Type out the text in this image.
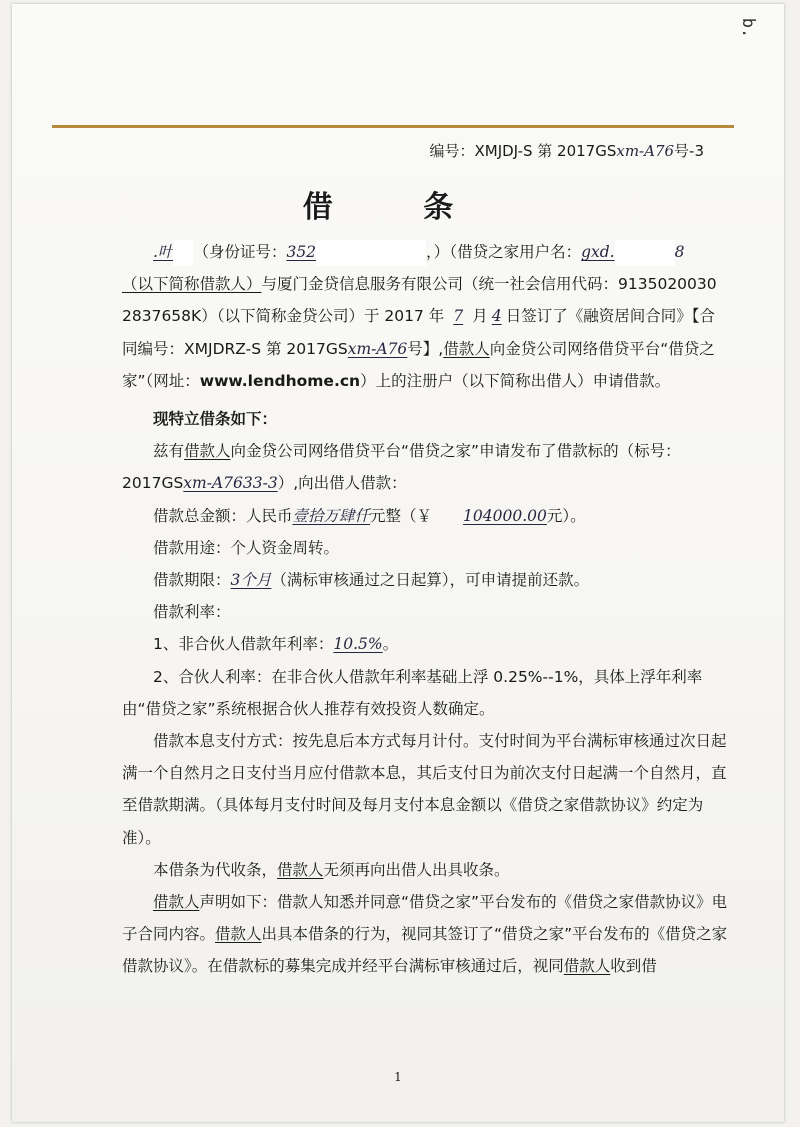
b.
编号：XMJDJ-S 第 2017GSxm-A76号-3
借 条

.叶 （身份证号：352	，）（借贷之家用户名：gxd.	8

（以下简称借款人）与厦门金贷信息服务有限公司（统一社会信用代码：9135020030

2837658K）（以下简称金贷公司）于 2017 年 7 月 4 日签订了《融资居间合同》【合

同编号：XMJDRZ-S 第 2017GSxm-A76号】,借款人向金贷公司网络借贷平台“借贷之

家”（网址：www.lendhome.cn）上的注册户（以下简称出借人）申请借款。

现特立借条如下：

兹有借款人向金贷公司网络借贷平台“借贷之家”申请发布了借款标的（标号：2017GSxm-A7633-3）,向出借人借款：

借款总金额：人民币壹拾万肆仟元整（￥ 104000.00元）。

借款用途：个人资金周转。

借款期限：3个月（满标审核通过之日起算），可申请提前还款。

借款利率：

1、非合伙人借款年利率：10.5%。

2、合伙人利率：在非合伙人借款年利率基础上浮 0.25%--1%，具体上浮年利率由“借贷之家”系统根据合伙人推荐有效投资人数确定。

借款本息支付方式：按先息后本方式每月计付。支付时间为平台满标审核通过次日起满一个自然月之日支付当月应付借款本息，其后支付日为前次支付日起满一个自然月，直至借款期满。（具体每月支付时间及每月支付本息金额以《借贷之家借款协议》约定为准）。

本借条为代收条，借款人无须再向出借人出具收条。

借款人声明如下：借款人知悉并同意“借贷之家”平台发布的《借贷之家借款协议》电子合同内容。借款人出具本借条的行为，视同其签订了“借贷之家”平台发布的《借贷之家借款协议》。在借款标的募集完成并经平台满标审核通过后，视同借款人收到借

1
